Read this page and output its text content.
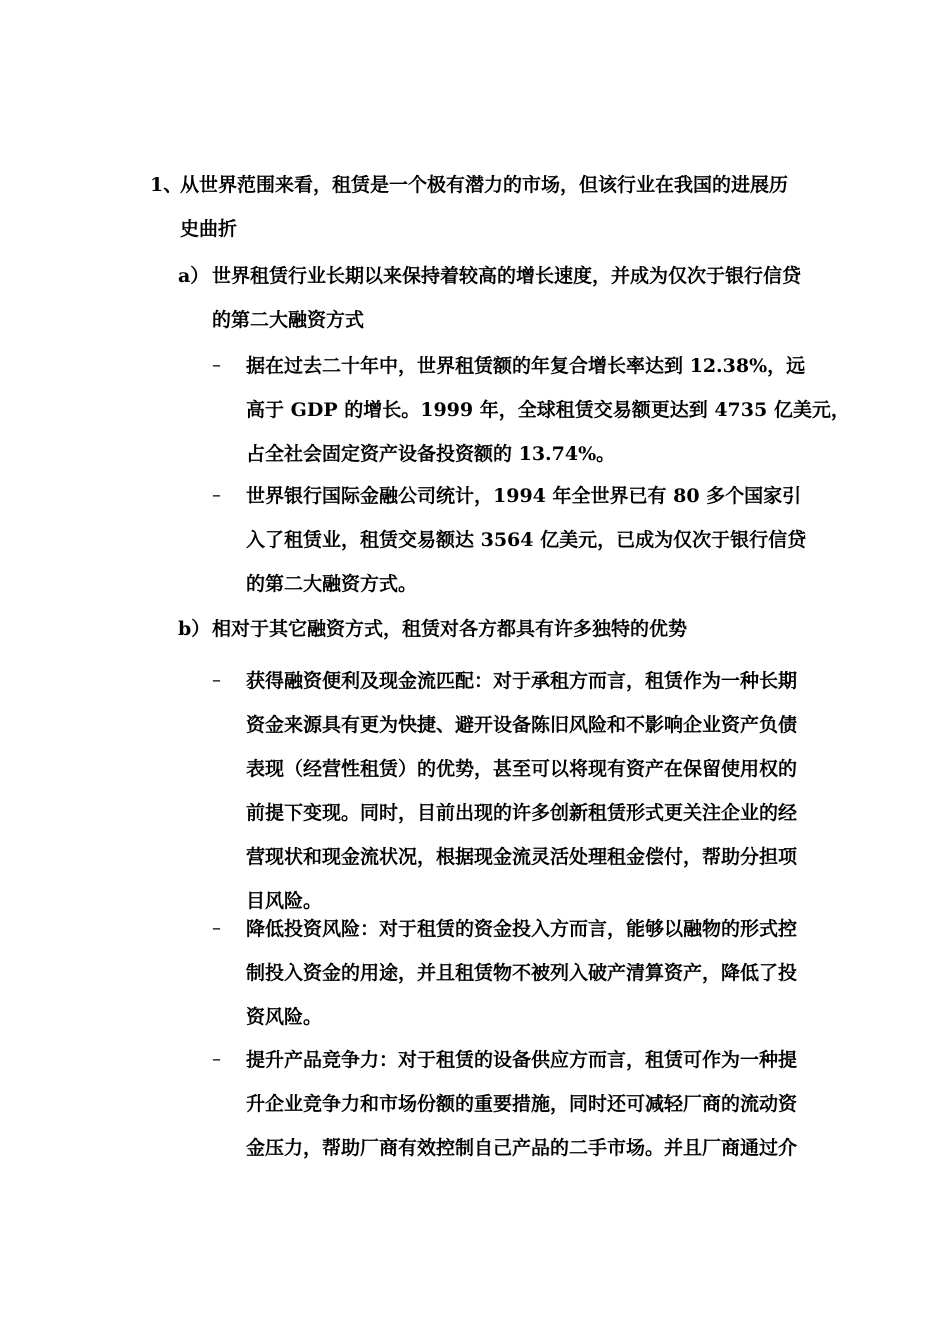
1、
从世界范围来看，租赁是一个极有潜力的市场，但该行业在我国的进展历
史曲折
a） 世界租赁行业长期以来保持着较高的增长速度，并成为仅次于银行信贷
的第二大融资方式
– 据在过去二十年中，世界租赁额的年复合增长率达到 12.38%，远
高于 GDP 的增长。1999 年，全球租赁交易额更达到 4735 亿美元，
占全社会固定资产设备投资额的 13.74%。
– 世界银行国际金融公司统计，1994 年全世界已有 80 多个国家引
入了租赁业，租赁交易额达 3564 亿美元，已成为仅次于银行信贷
的第二大融资方式。
b） 相对于其它融资方式，租赁对各方都具有许多独特的优势
– 获得融资便利及现金流匹配：对于承租方而言，租赁作为一种长期
资金来源具有更为快捷、避开设备陈旧风险和不影响企业资产负债
表现（经营性租赁）的优势，甚至可以将现有资产在保留使用权的
前提下变现。同时，目前出现的许多创新租赁形式更关注企业的经
营现状和现金流状况，根据现金流灵活处理租金偿付，帮助分担项
目风险。
– 降低投资风险：对于租赁的资金投入方而言，能够以融物的形式控
制投入资金的用途，并且租赁物不被列入破产清算资产，降低了投
资风险。
– 提升产品竞争力：对于租赁的设备供应方而言，租赁可作为一种提
升企业竞争力和市场份额的重要措施，同时还可减轻厂商的流动资
金压力，帮助厂商有效控制自己产品的二手市场。并且厂商通过介
